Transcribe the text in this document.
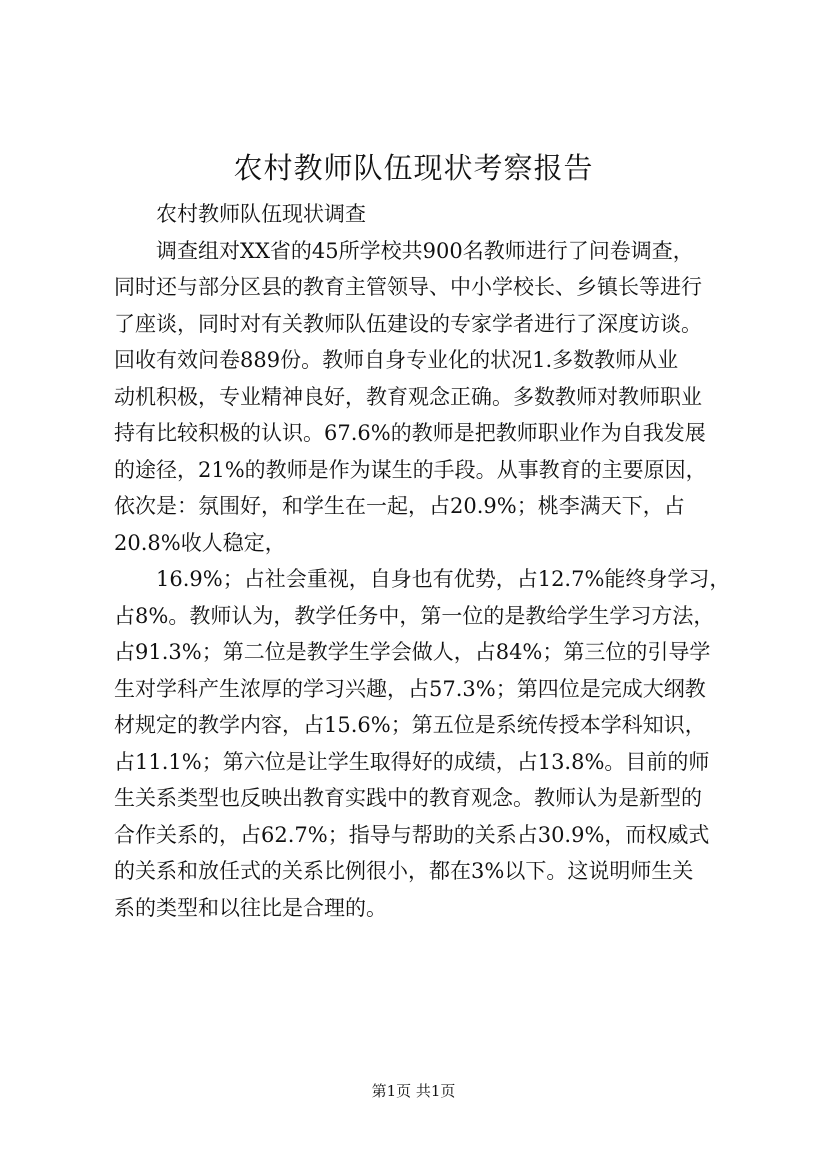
农村教师队伍现状考察报告
农村教师队伍现状调查
调查组对XX省的45所学校共900名教师进行了问卷调查，
同时还与部分区县的教育主管领导、中小学校长、乡镇长等进行
了座谈，同时对有关教师队伍建设的专家学者进行了深度访谈。
回收有效问卷889份。教师自身专业化的状况1.多数教师从业
动机积极，专业精神良好，教育观念正确。多数教师对教师职业
持有比较积极的认识。67.6%的教师是把教师职业作为自我发展
的途径，21%的教师是作为谋生的手段。从事教育的主要原因，
依次是：氛围好，和学生在一起，占20.9%；桃李满天下，占
20.8%收人稳定，
16.9%；占社会重视，自身也有优势，占12.7%能终身学习，
占8%。教师认为，教学任务中，第一位的是教给学生学习方法，
占91.3%；第二位是教学生学会做人，占84%；第三位的引导学
生对学科产生浓厚的学习兴趣，占57.3%；第四位是完成大纲教
材规定的教学内容，占15.6%；第五位是系统传授本学科知识，
占11.1%；第六位是让学生取得好的成绩，占13.8%。目前的师
生关系类型也反映出教育实践中的教育观念。教师认为是新型的
合作关系的，占62.7%；指导与帮助的关系占30.9%，而权威式
的关系和放任式的关系比例很小，都在3%以下。这说明师生关
系的类型和以往比是合理的。
第1页 共1页
